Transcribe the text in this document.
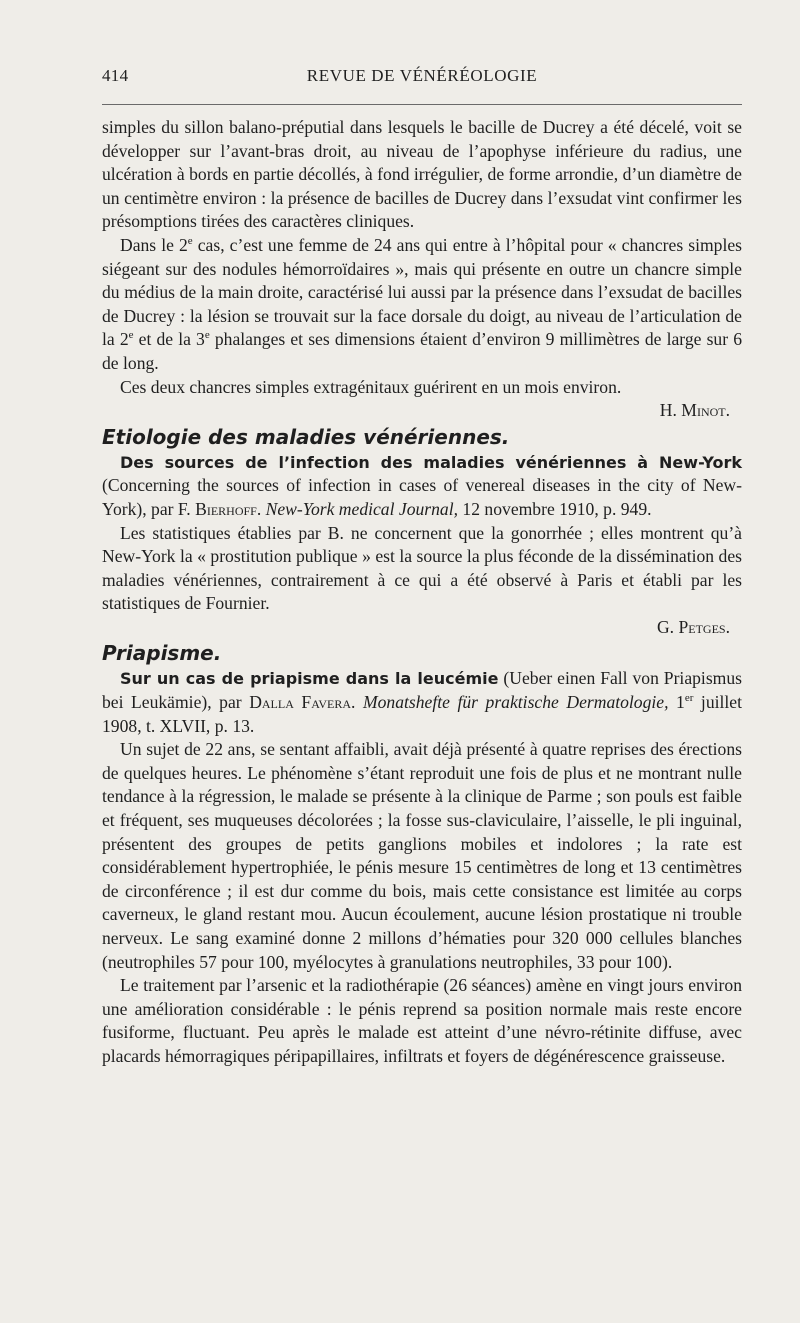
414	REVUE DE VÉNÉRÉOLOGIE

simples du sillon balano-préputial dans lesquels le bacille de Ducrey a été décelé, voit se développer sur l’avant-bras droit, au niveau de l’apophyse inférieure du radius, une ulcération à bords en partie décollés, à fond irrégulier, de forme arrondie, d’un diamètre de un centimètre environ : la présence de bacilles de Ducrey dans l’exsudat vint confirmer les présomptions tirées des caractères cliniques.

Dans le 2e cas, c’est une femme de 24 ans qui entre à l’hôpital pour « chancres simples siégeant sur des nodules hémorroïdaires », mais qui présente en outre un chancre simple du médius de la main droite, caractérisé lui aussi par la présence dans l’exsudat de bacilles de Ducrey : la lésion se trouvait sur la face dorsale du doigt, au niveau de l’articulation de la 2e et de la 3e phalanges et ses dimensions étaient d’environ 9 millimètres de large sur 6 de long.

Ces deux chancres simples extragénitaux guérirent en un mois environ.

H. Minot.

Etiologie des maladies vénériennes.

Des sources de l’infection des maladies vénériennes à New-York (Concerning the sources of infection in cases of venereal diseases in the city of New-York), par F. Bierhoff. New-York medical Journal, 12 novembre 1910, p. 949.

Les statistiques établies par B. ne concernent que la gonorrhée ; elles montrent qu’à New-York la « prostitution publique » est la source la plus féconde de la dissémination des maladies vénériennes, contrairement à ce qui a été observé à Paris et établi par les statistiques de Fournier.

G. Petges.

Priapisme.

Sur un cas de priapisme dans la leucémie (Ueber einen Fall von Priapismus bei Leukämie), par Dalla Favera. Monatshefte für praktische Dermatologie, 1er juillet 1908, t. XLVII, p. 13.

Un sujet de 22 ans, se sentant affaibli, avait déjà présenté à quatre reprises des érections de quelques heures. Le phénomène s’étant reproduit une fois de plus et ne montrant nulle tendance à la régression, le malade se présente à la clinique de Parme ; son pouls est faible et fréquent, ses muqueuses décolorées ; la fosse sus-claviculaire, l’aisselle, le pli inguinal, présentent des groupes de petits ganglions mobiles et indolores ; la rate est considérablement hypertrophiée, le pénis mesure 15 centimètres de long et 13 centimètres de circonférence ; il est dur comme du bois, mais cette consistance est limitée au corps caverneux, le gland restant mou. Aucun écoulement, aucune lésion prostatique ni trouble nerveux. Le sang examiné donne 2 millons d’hématies pour 320 000 cellules blanches (neutrophiles 57 pour 100, myélocytes à granulations neutrophiles, 33 pour 100).

Le traitement par l’arsenic et la radiothérapie (26 séances) amène en vingt jours environ une amélioration considérable : le pénis reprend sa position normale mais reste encore fusiforme, fluctuant. Peu après le malade est atteint d’une névro-rétinite diffuse, avec placards hémorragiques péripapillaires, infiltrats et foyers de dégénérescence graisseuse.
